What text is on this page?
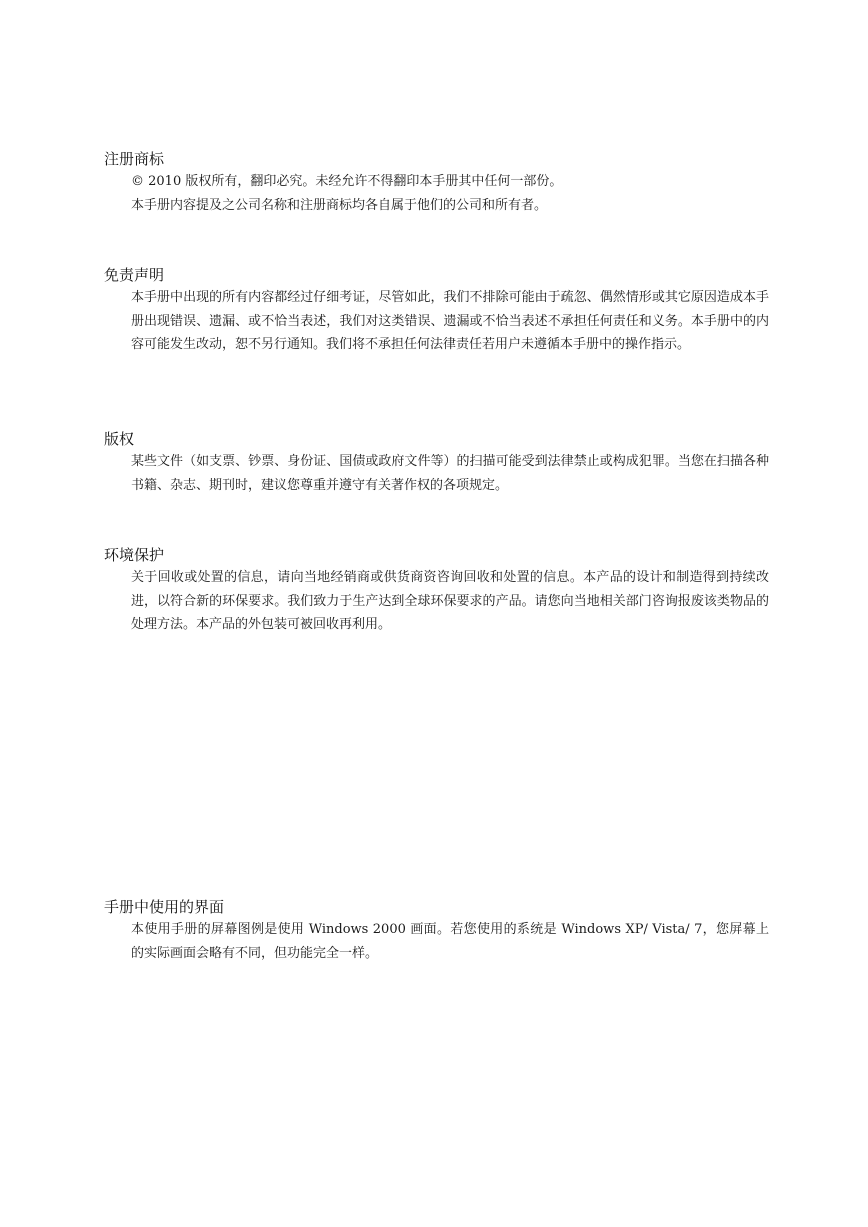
注册商标

© 2010 版权所有，翻印必究。未经允许不得翻印本手册其中任何一部份。

本手册内容提及之公司名称和注册商标均各自属于他们的公司和所有者。

免责声明

本手册中出现的所有内容都经过仔细考证，尽管如此，我们不排除可能由于疏忽、偶然情形或其它原因造成本手册出现错误、遗漏、或不恰当表述，我们对这类错误、遗漏或不恰当表述不承担任何责任和义务。本手册中的内容可能发生改动，恕不另行通知。我们将不承担任何法律责任若用户未遵循本手册中的操作指示。

版权

某些文件（如支票、钞票、身份证、国债或政府文件等）的扫描可能受到法律禁止或构成犯罪。当您在扫描各种书籍、杂志、期刊时，建议您尊重并遵守有关著作权的各项规定。

环境保护

关于回收或处置的信息，请向当地经销商或供货商资咨询回收和处置的信息。本产品的设计和制造得到持续改进，以符合新的环保要求。我们致力于生产达到全球环保要求的产品。请您向当地相关部门咨询报废该类物品的处理方法。本产品的外包装可被回收再利用。

手册中使用的界面

本使用手册的屏幕图例是使用 Windows 2000 画面。若您使用的系统是 Windows XP/ Vista/ 7，您屏幕上的实际画面会略有不同，但功能完全一样。
